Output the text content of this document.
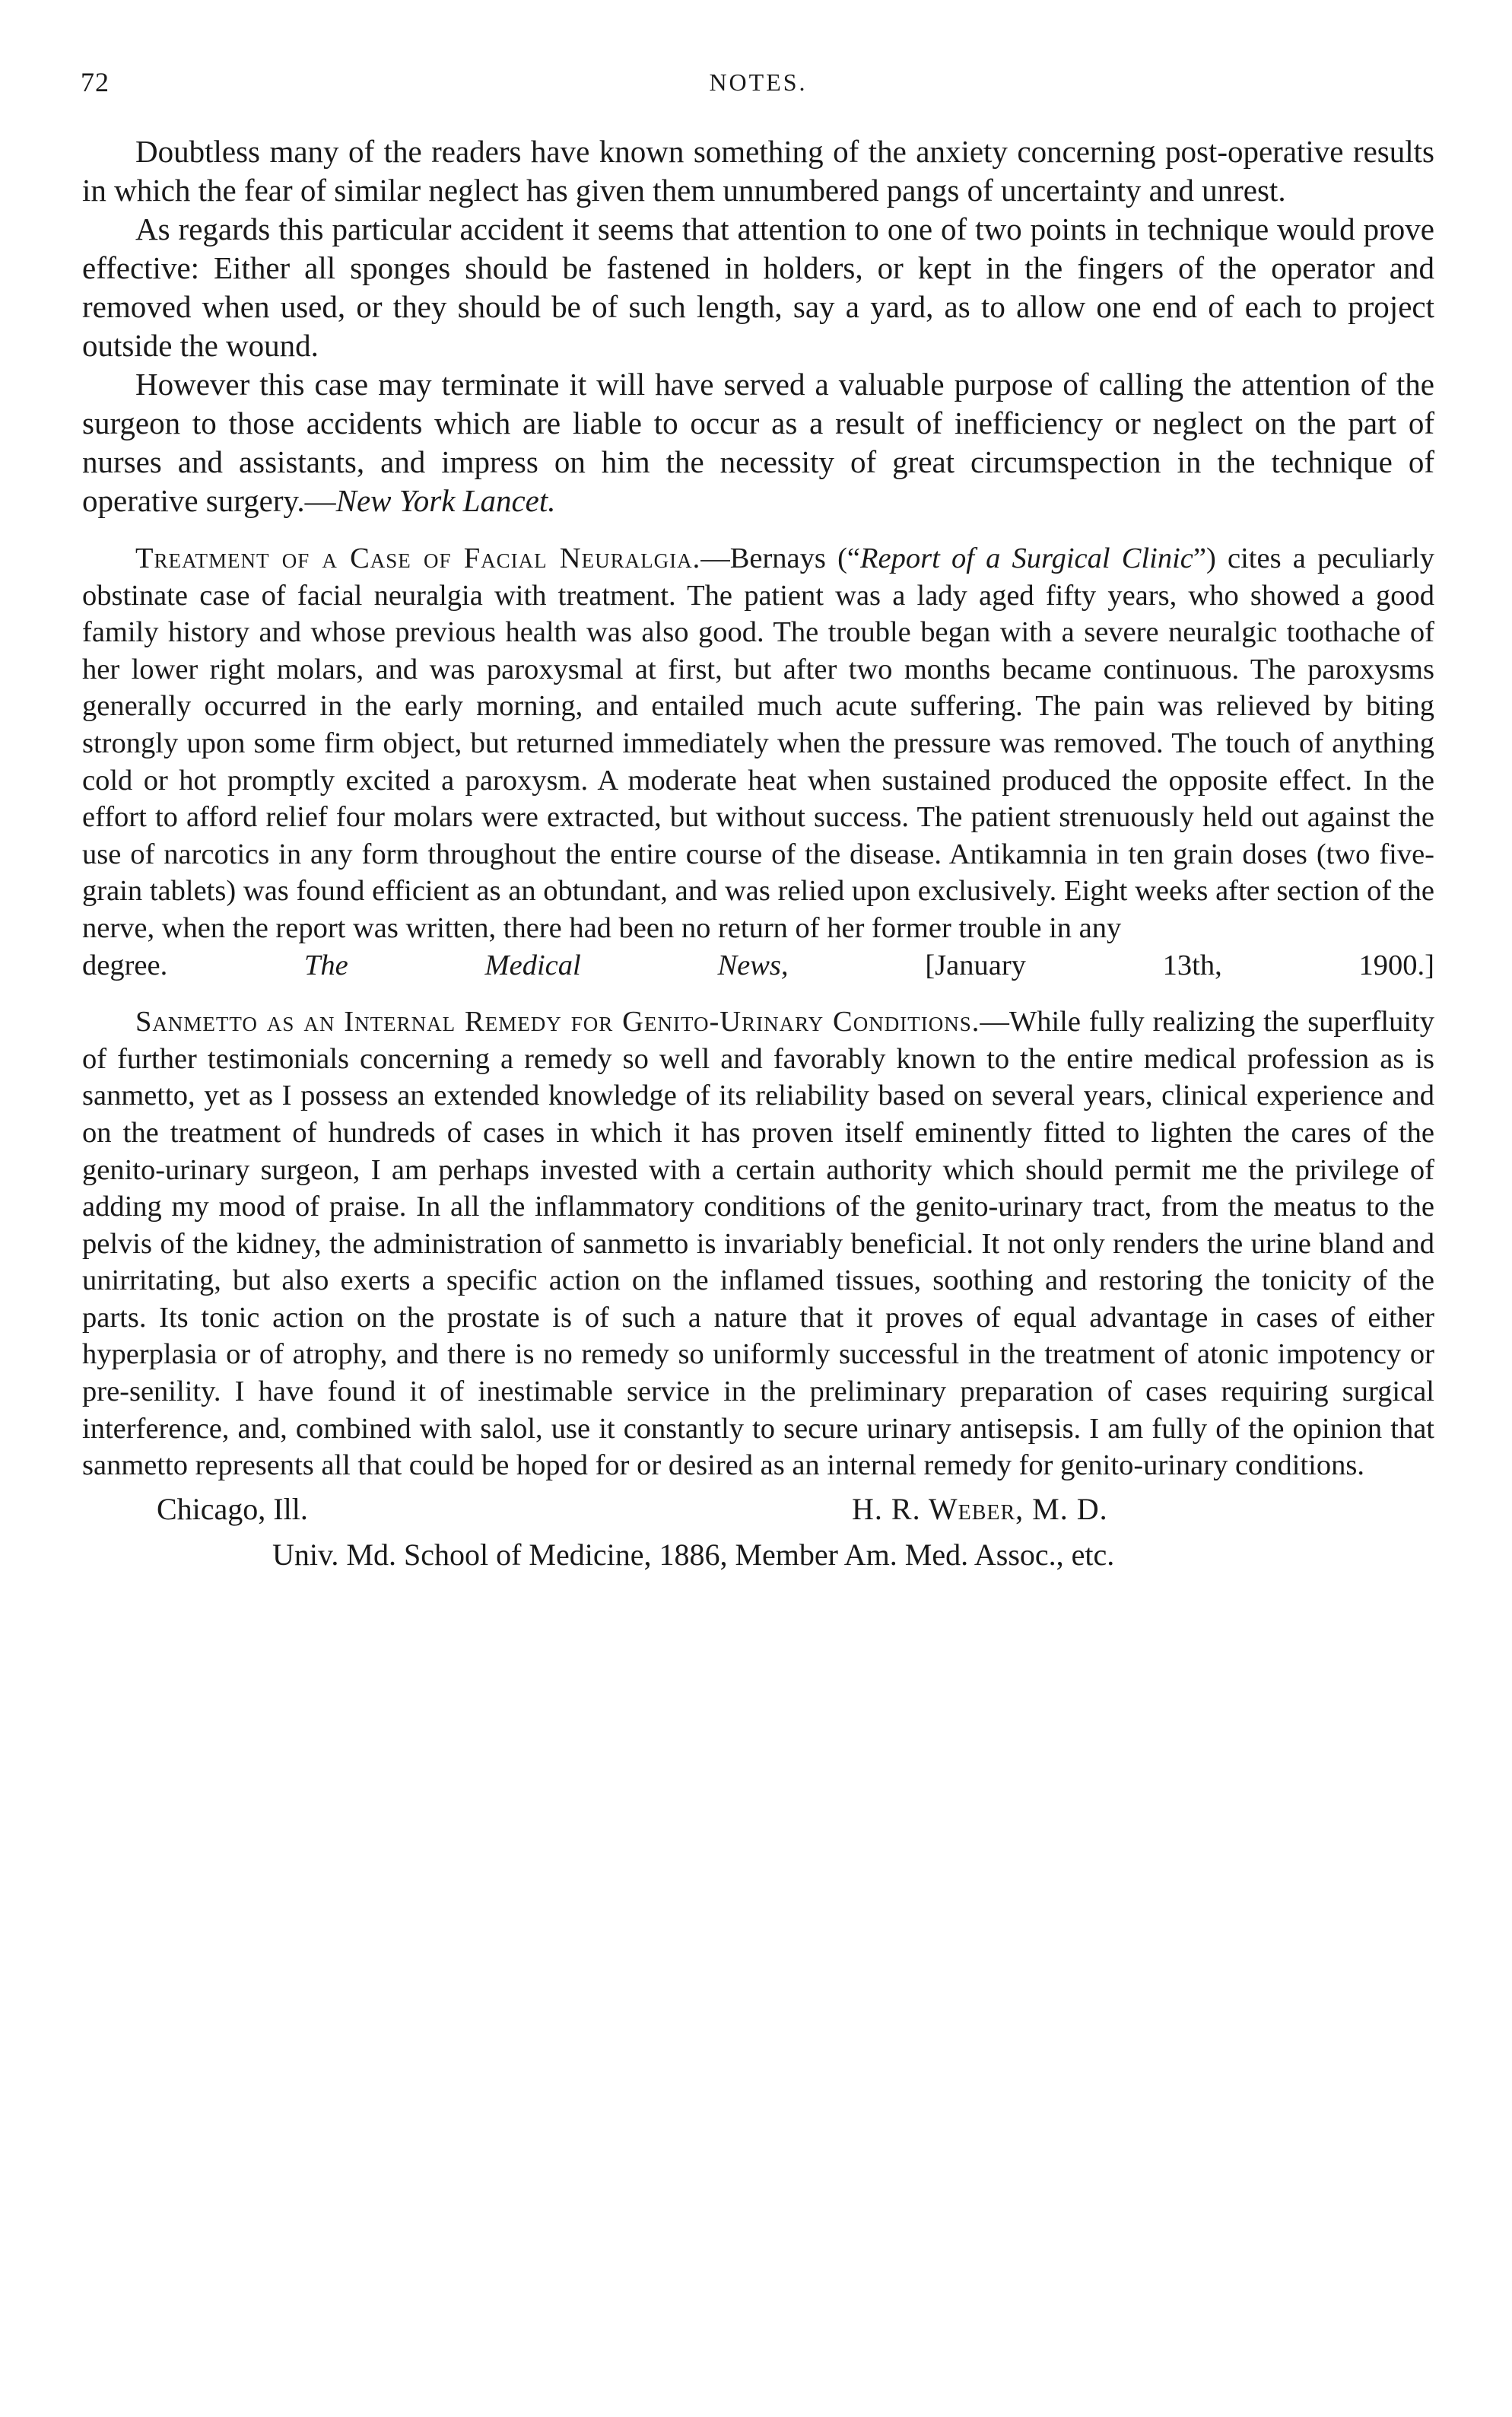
72	NOTES.

Doubtless many of the readers have known something of the anxiety concerning post-operative results in which the fear of similar neglect has given them unnumbered pangs of uncertainty and unrest.

As regards this particular accident it seems that attention to one of two points in technique would prove effective: Either all sponges should be fastened in holders, or kept in the fingers of the operator and removed when used, or they should be of such length, say a yard, as to allow one end of each to project outside the wound.

However this case may terminate it will have served a valuable purpose of calling the attention of the surgeon to those accidents which are liable to occur as a result of inefficiency or neglect on the part of nurses and assistants, and impress on him the necessity of great circumspection in the technique of operative surgery.—New York Lancet.

Treatment of a Case of Facial Neuralgia.—Bernays (“Report of a Surgical Clinic”) cites a peculiarly obstinate case of facial neuralgia with treatment. The patient was a lady aged fifty years, who showed a good family history and whose previous health was also good. The trouble began with a severe neuralgic toothache of her lower right molars, and was paroxysmal at first, but after two months became continuous. The paroxysms generally occurred in the early morning, and entailed much acute suffering. The pain was relieved by biting strongly upon some firm object, but returned immediately when the pressure was removed. The touch of anything cold or hot promptly excited a paroxysm. A moderate heat when sustained produced the opposite effect. In the effort to afford relief four molars were extracted, but without success. The patient strenuously held out against the use of narcotics in any form throughout the entire course of the disease. Antikamnia in ten grain doses (two five-grain tablets) was found efficient as an obtundant, and was relied upon exclusively. Eight weeks after section of the nerve, when the report was written, there had been no return of her former trouble in any

degree.	The Medical News,	[January 13th, 1900.]

Sanmetto as an Internal Remedy for Genito-Urinary Conditions.—While fully realizing the superfluity of further testimonials concerning a remedy so well and favorably known to the entire medical profession as is sanmetto, yet as I possess an extended knowledge of its reliability based on several years, clinical experience and on the treatment of hundreds of cases in which it has proven itself eminently fitted to lighten the cares of the genito-urinary surgeon, I am perhaps invested with a certain authority which should permit me the privilege of adding my mood of praise. In all the inflammatory conditions of the genito-urinary tract, from the meatus to the pelvis of the kidney, the administration of sanmetto is invariably beneficial. It not only renders the urine bland and unirritating, but also exerts a specific action on the inflamed tissues, soothing and restoring the tonicity of the parts. Its tonic action on the prostate is of such a nature that it proves of equal advantage in cases of either hyperplasia or of atrophy, and there is no remedy so uniformly successful in the treatment of atonic impotency or pre-senility. I have found it of inestimable service in the preliminary preparation of cases requiring surgical interference, and, combined with salol, use it constantly to secure urinary antisepsis. I am fully of the opinion that sanmetto represents all that could be hoped for or desired as an internal remedy for genito-urinary conditions.

Chicago, Ill.	H. R. Weber, M. D.
Univ. Md. School of Medicine, 1886, Member Am. Med. Assoc., etc.
